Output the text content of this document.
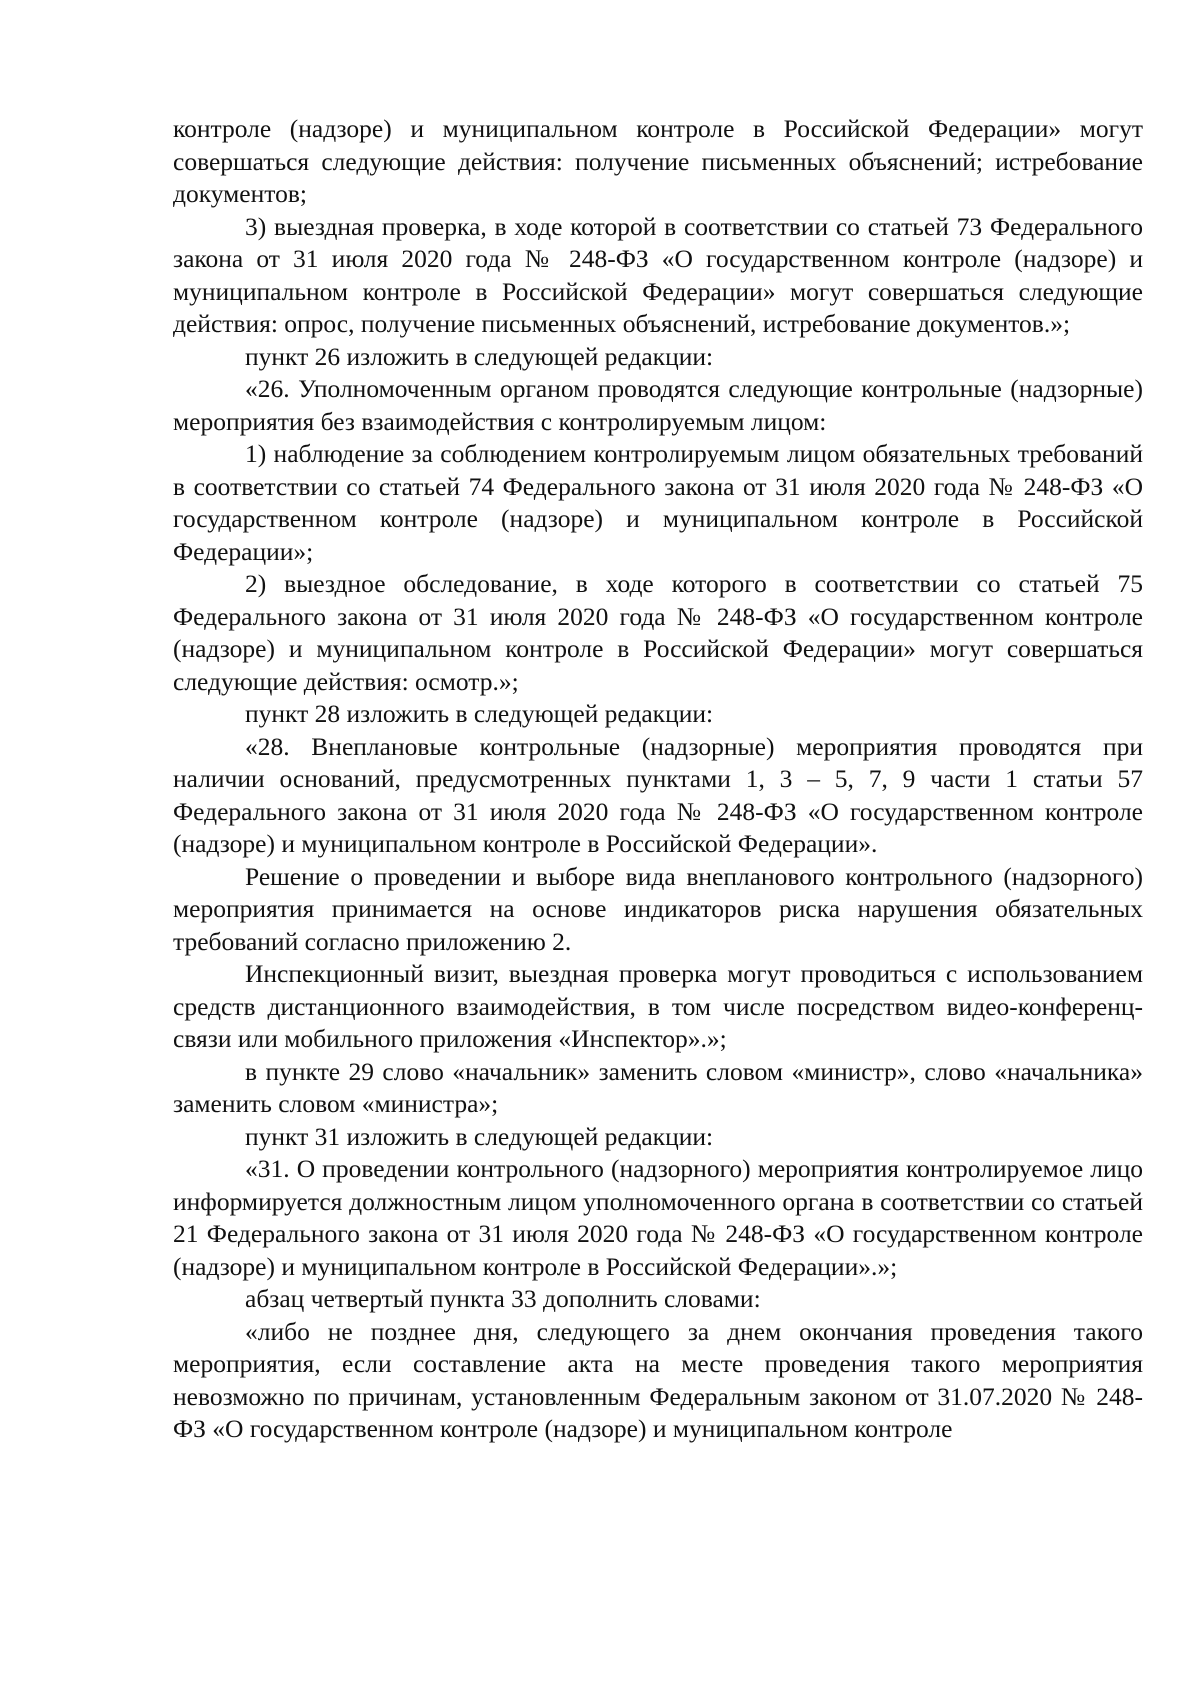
контроле (надзоре) и муниципальном контроле в Российской Федерации» могут совершаться следующие действия: получение письменных объяснений; истребование документов;

3) выездная проверка, в ходе которой в соответствии со статьей 73 Федерального закона от 31 июля 2020 года № 248-ФЗ «О государственном контроле (надзоре) и муниципальном контроле в Российской Федерации» могут совершаться следующие действия: опрос, получение письменных объяснений, истребование документов.»;

пункт 26 изложить в следующей редакции:

«26. Уполномоченным органом проводятся следующие контрольные (надзорные) мероприятия без взаимодействия с контролируемым лицом:

1) наблюдение за соблюдением контролируемым лицом обязательных требований в соответствии со статьей 74 Федерального закона от 31 июля 2020 года № 248-ФЗ «О государственном контроле (надзоре) и муниципальном контроле в Российской Федерации»;

2) выездное обследование, в ходе которого в соответствии со статьей 75 Федерального закона от 31 июля 2020 года № 248-ФЗ «О государственном контроле (надзоре) и муниципальном контроле в Российской Федерации» могут совершаться следующие действия: осмотр.»;

пункт 28 изложить в следующей редакции:

«28. Внеплановые контрольные (надзорные) мероприятия проводятся при наличии оснований, предусмотренных пунктами 1, 3 – 5, 7, 9 части 1 статьи 57 Федерального закона от 31 июля 2020 года № 248-ФЗ «О государственном контроле (надзоре) и муниципальном контроле в Российской Федерации».

Решение о проведении и выборе вида внепланового контрольного (надзорного) мероприятия принимается на основе индикаторов риска нарушения обязательных требований согласно приложению 2.

Инспекционный визит, выездная проверка могут проводиться с использованием средств дистанционного взаимодействия, в том числе посредством видео-конференц-связи или мобильного приложения «Инспектор».»;

в пункте 29 слово «начальник» заменить словом «министр», слово «начальника» заменить словом «министра»;

пункт 31 изложить в следующей редакции:

«31. О проведении контрольного (надзорного) мероприятия контролируемое лицо информируется должностным лицом уполномоченного органа в соответствии со статьей 21 Федерального закона от 31 июля 2020 года № 248-ФЗ «О государственном контроле (надзоре) и муниципальном контроле в Российской Федерации».»;

абзац четвертый пункта 33 дополнить словами:

«либо не позднее дня, следующего за днем окончания проведения такого мероприятия, если составление акта на месте проведения такого мероприятия невозможно по причинам, установленным Федеральным законом от 31.07.2020 № 248-ФЗ «О государственном контроле (надзоре) и муниципальном контроле
